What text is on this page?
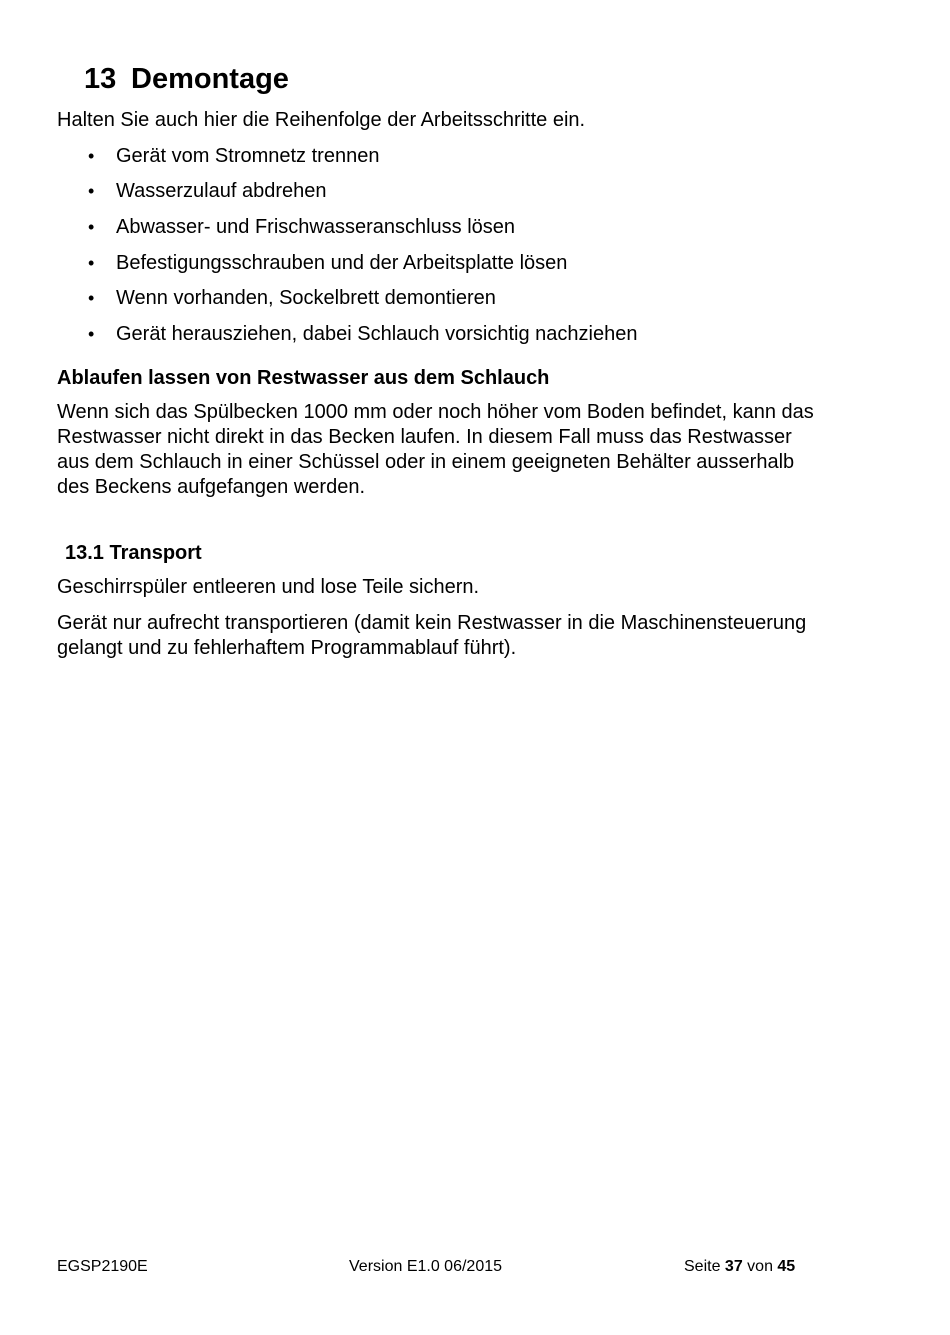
13 Demontage
Halten Sie auch hier die Reihenfolge der Arbeitsschritte ein.
• Gerät vom Stromnetz trennen
• Wasserzulauf abdrehen
• Abwasser- und Frischwasseranschluss lösen
• Befestigungsschrauben und der Arbeitsplatte lösen
• Wenn vorhanden, Sockelbrett demontieren
• Gerät herausziehen, dabei Schlauch vorsichtig nachziehen
Ablaufen lassen von Restwasser aus dem Schlauch
Wenn sich das Spülbecken 1000 mm oder noch höher vom Boden befindet, kann das
Restwasser nicht direkt in das Becken laufen. In diesem Fall muss das Restwasser
aus dem Schlauch in einer Schüssel oder in einem geeigneten Behälter ausserhalb
des Beckens aufgefangen werden.
13.1 Transport
Geschirrspüler entleeren und lose Teile sichern.
Gerät nur aufrecht transportieren (damit kein Restwasser in die Maschinensteuerung
gelangt und zu fehlerhaftem Programmablauf führt).
EGSP2190E	Version E1.0 06/2015	Seite 37 von 45
